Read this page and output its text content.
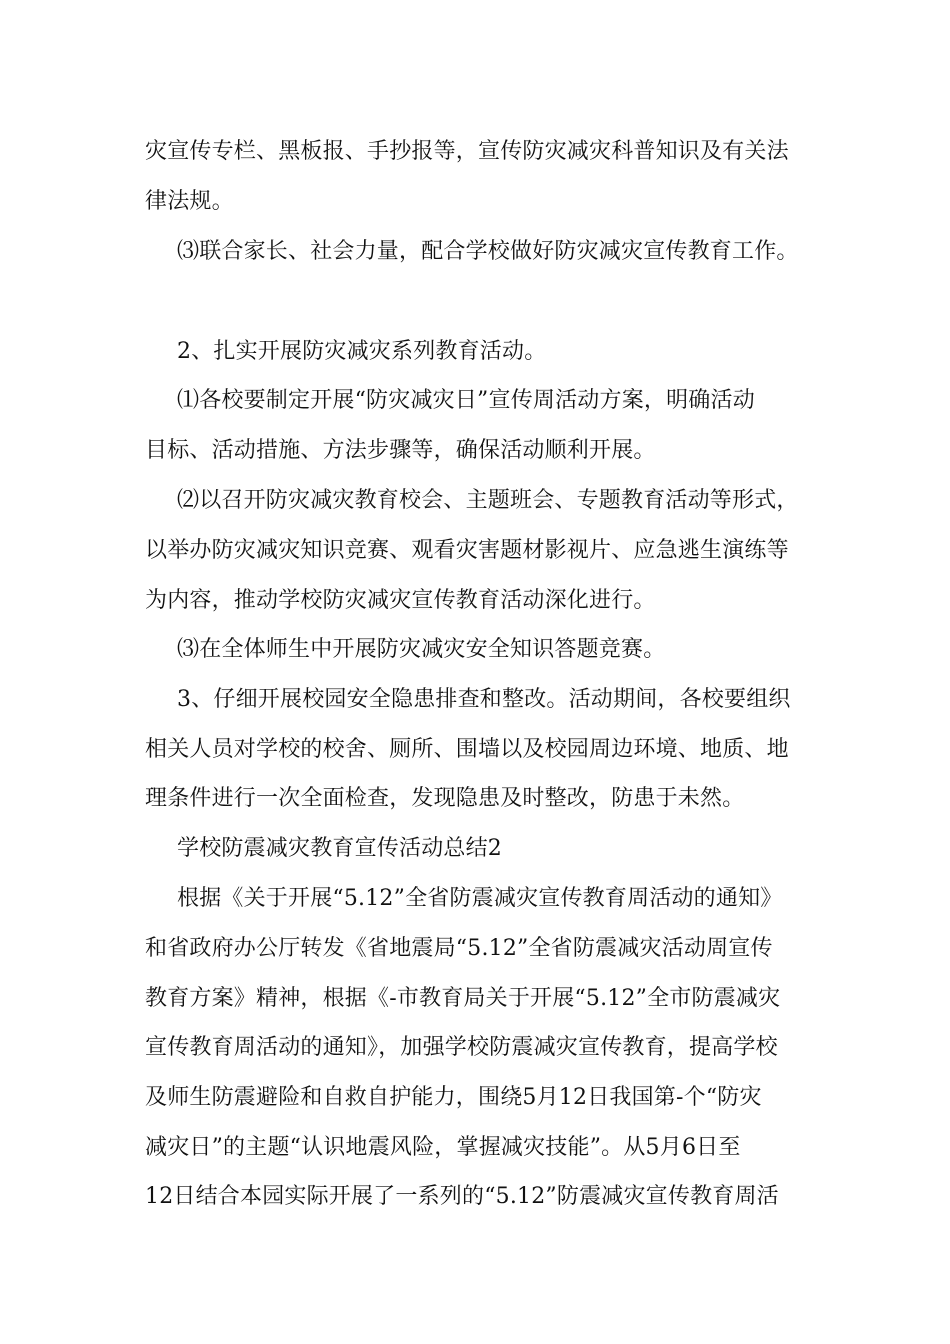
灾宣传专栏、黑板报、手抄报等，宣传防灾减灾科普知识及有关法
律法规。
⑶联合家长、社会力量，配合学校做好防灾减灾宣传教育工作。
2、扎实开展防灾减灾系列教育活动。
⑴各校要制定开展“防灾减灾日”宣传周活动方案，明确活动
目标、活动措施、方法步骤等，确保活动顺利开展。
⑵以召开防灾减灾教育校会、主题班会、专题教育活动等形式，
以举办防灾减灾知识竞赛、观看灾害题材影视片、应急逃生演练等
为内容，推动学校防灾减灾宣传教育活动深化进行。
⑶在全体师生中开展防灾减灾安全知识答题竞赛。
3、仔细开展校园安全隐患排查和整改。活动期间，各校要组织
相关人员对学校的校舍、厕所、围墙以及校园周边环境、地质、地
理条件进行一次全面检查，发现隐患及时整改，防患于未然。
学校防震减灾教育宣传活动总结2
根据《关于开展“5.12”全省防震减灾宣传教育周活动的通知》
和省政府办公厅转发《省地震局“5.12”全省防震减灾活动周宣传
教育方案》精神，根据《-市教育局关于开展“5.12”全市防震减灾
宣传教育周活动的通知》，加强学校防震减灾宣传教育，提高学校
及师生防震避险和自救自护能力，围绕5月12日我国第-个“防灾
减灾日”的主题“认识地震风险，掌握减灾技能”。从5月6日至
12日结合本园实际开展了一系列的“5.12”防震减灾宣传教育周活
